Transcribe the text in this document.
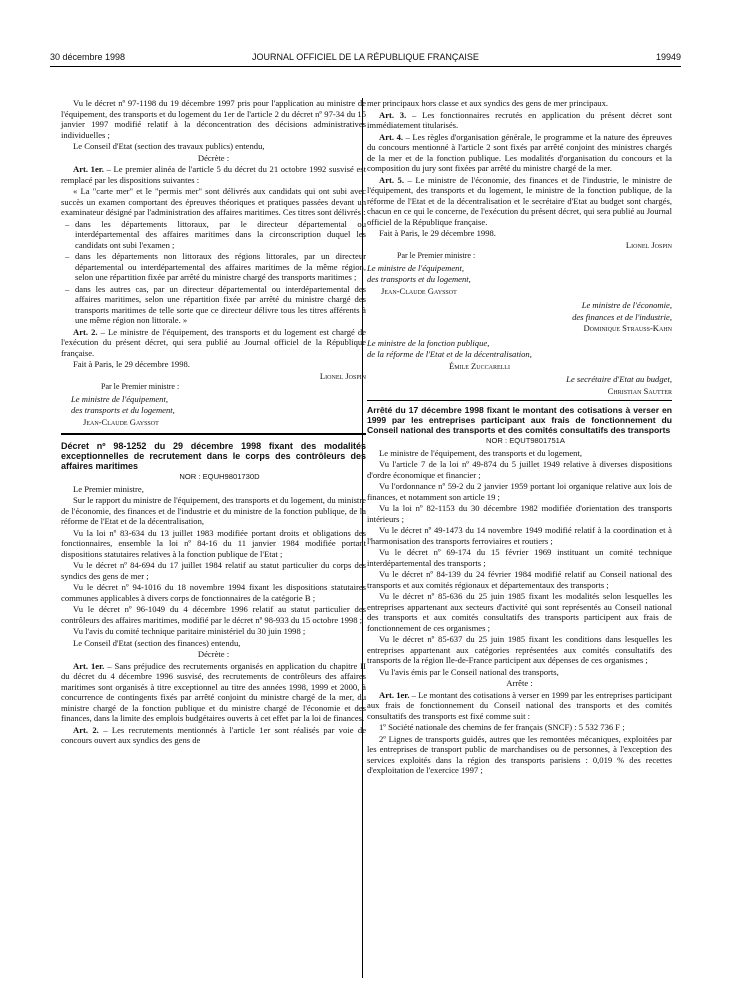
30 décembre 1998	JOURNAL OFFICIEL DE LA RÉPUBLIQUE FRANÇAISE	19949

Vu le décret nº 97-1198 du 19 décembre 1997 pris pour l'application au ministre de l'équipement, des transports et du logement du 1er de l'article 2 du décret nº 97-34 du 15 janvier 1997 modifié relatif à la déconcentration des décisions administratives individuelles ;

Le Conseil d'Etat (section des travaux publics) entendu,

Décrète :

Art. 1er. – Le premier alinéa de l'article 5 du décret du 21 octobre 1992 susvisé est remplacé par les dispositions suivantes :

« La "carte mer" et le "permis mer" sont délivrés aux candidats qui ont subi avec succès un examen comportant des épreuves théoriques et pratiques passées devant un examinateur désigné par l'administration des affaires maritimes. Ces titres sont délivrés :

– dans les départements littoraux, par le directeur départemental ou interdépartemental des affaires maritimes dans la circonscription duquel les candidats ont subi l'examen ;

– dans les départements non littoraux des régions littorales, par un directeur départemental ou interdépartemental des affaires maritimes de la même région, selon une répartition fixée par arrêté du ministre chargé des transports maritimes ;

– dans les autres cas, par un directeur départemental ou interdépartemental des affaires maritimes, selon une répartition fixée par arrêté du ministre chargé des transports maritimes de telle sorte que ce directeur délivre tous les titres afférents à une même région non littorale. »

Art. 2. – Le ministre de l'équipement, des transports et du logement est chargé de l'exécution du présent décret, qui sera publié au Journal officiel de la République française.

Fait à Paris, le 29 décembre 1998.

Lionel Jospin

Par le Premier ministre :

Le ministre de l'équipement,

des transports et du logement,

Jean-Claude Gayssot

Décret nº 98-1252 du 29 décembre 1998 fixant des modalités exceptionnelles de recrutement dans le corps des contrôleurs des affaires maritimes

NOR : EQUH9801730D

Le Premier ministre,

Sur le rapport du ministre de l'équipement, des transports et du logement, du ministre de l'économie, des finances et de l'industrie et du ministre de la fonction publique, de la réforme de l'Etat et de la décentralisation,

Vu la loi nº 83-634 du 13 juillet 1983 modifiée portant droits et obligations des fonctionnaires, ensemble la loi nº 84-16 du 11 janvier 1984 modifiée portant dispositions statutaires relatives à la fonction publique de l'Etat ;

Vu le décret nº 84-694 du 17 juillet 1984 relatif au statut particulier du corps des syndics des gens de mer ;

Vu le décret nº 94-1016 du 18 novembre 1994 fixant les dispositions statutaires communes applicables à divers corps de fonctionnaires de la catégorie B ;

Vu le décret nº 96-1049 du 4 décembre 1996 relatif au statut particulier des contrôleurs des affaires maritimes, modifié par le décret nº 98-933 du 15 octobre 1998 ;

Vu l'avis du comité technique paritaire ministériel du 30 juin 1998 ;

Le Conseil d'Etat (section des finances) entendu,

Décrète :

Art. 1er. – Sans préjudice des recrutements organisés en application du chapitre II du décret du 4 décembre 1996 susvisé, des recrutements de contrôleurs des affaires maritimes sont organisés à titre exceptionnel au titre des années 1998, 1999 et 2000, à concurrence de contingents fixés par arrêté conjoint du ministre chargé de la mer, du ministre chargé de la fonction publique et du ministre chargé de l'économie et des finances, dans la limite des emplois budgétaires ouverts à cet effet par la loi de finances.

Art. 2. – Les recrutements mentionnés à l'article 1er sont réalisés par voie de concours ouvert aux syndics des gens de

mer principaux hors classe et aux syndics des gens de mer principaux.

Art. 3. – Les fonctionnaires recrutés en application du présent décret sont immédiatement titularisés.

Art. 4. – Les règles d'organisation générale, le programme et la nature des épreuves du concours mentionné à l'article 2 sont fixés par arrêté conjoint des ministres chargés de la mer et de la fonction publique. Les modalités d'organisation du concours et la composition du jury sont fixées par arrêté du ministre chargé de la mer.

Art. 5. – Le ministre de l'économie, des finances et de l'industrie, le ministre de l'équipement, des transports et du logement, le ministre de la fonction publique, de la réforme de l'Etat et de la décentralisation et le secrétaire d'Etat au budget sont chargés, chacun en ce qui le concerne, de l'exécution du présent décret, qui sera publié au Journal officiel de la République française.

Fait à Paris, le 29 décembre 1998.

Lionel Jospin

Par le Premier ministre :

Le ministre de l'équipement,

des transports et du logement,

Jean-Claude Gayssot

Le ministre de l'économie,

des finances et de l'industrie,

Dominique Strauss-Kahn

Le ministre de la fonction publique,

de la réforme de l'Etat et de la décentralisation,

Émile Zuccarelli

Le secrétaire d'Etat au budget,

Christian Sautter

Arrêté du 17 décembre 1998 fixant le montant des cotisations à verser en 1999 par les entreprises participant aux frais de fonctionnement du Conseil national des transports et des comités consultatifs des transports

NOR : EQUT9801751A

Le ministre de l'équipement, des transports et du logement,

Vu l'article 7 de la loi nº 49-874 du 5 juillet 1949 relative à diverses dispositions d'ordre économique et financier ;

Vu l'ordonnance nº 59-2 du 2 janvier 1959 portant loi organique relative aux lois de finances, et notamment son article 19 ;

Vu la loi nº 82-1153 du 30 décembre 1982 modifiée d'orientation des transports intérieurs ;

Vu le décret nº 49-1473 du 14 novembre 1949 modifié relatif à la coordination et à l'harmonisation des transports ferroviaires et routiers ;

Vu le décret nº 69-174 du 15 février 1969 instituant un comité technique interdépartemental des transports ;

Vu le décret nº 84-139 du 24 février 1984 modifié relatif au Conseil national des transports et aux comités régionaux et départementaux des transports ;

Vu le décret nº 85-636 du 25 juin 1985 fixant les modalités selon lesquelles les entreprises appartenant aux secteurs d'activité qui sont représentés au Conseil national des transports et aux comités consultatifs des transports participent aux frais de fonctionnement de ces organismes ;

Vu le décret nº 85-637 du 25 juin 1985 fixant les conditions dans lesquelles les entreprises appartenant aux catégories représentées aux comités consultatifs des transports de la région Ile-de-France participent aux dépenses de ces organismes ;

Vu l'avis émis par le Conseil national des transports,

Arrête :

Art. 1er. – Le montant des cotisations à verser en 1999 par les entreprises participant aux frais de fonctionnement du Conseil national des transports et des comités consultatifs des transports est fixé comme suit :

1º Société nationale des chemins de fer français (SNCF) : 5 532 736 F ;

2º Lignes de transports guidés, autres que les remontées mécaniques, exploitées par les entreprises de transport public de marchandises ou de personnes, à l'exception des services exploités dans la région des transports parisiens : 0,019 % des recettes d'exploitation de l'exercice 1997 ;
